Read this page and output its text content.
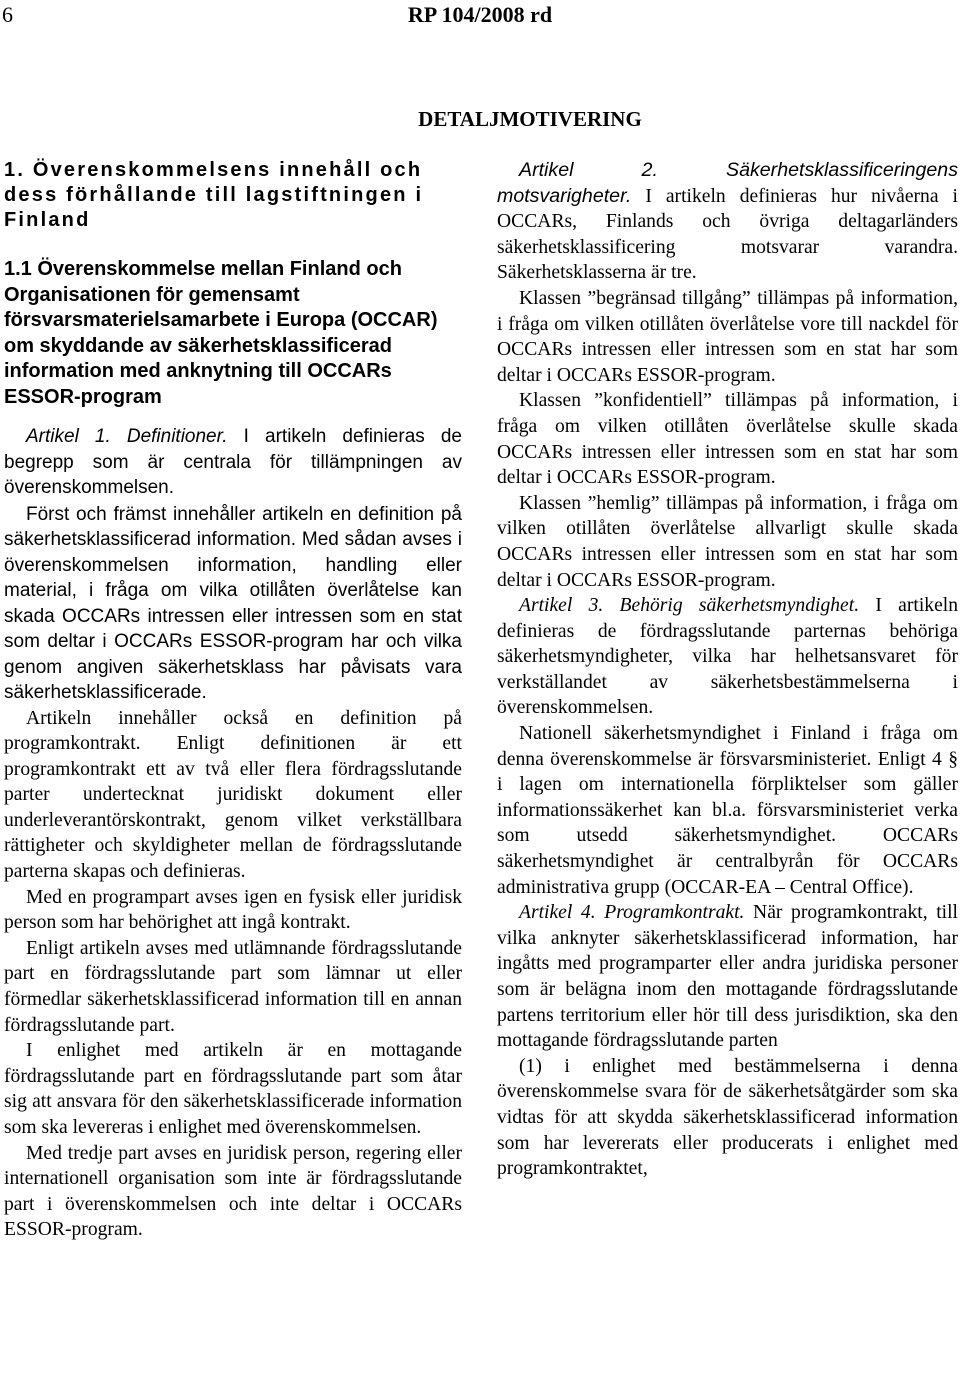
6	RP 104/2008 rd
DETALJMOTIVERING
1. Överenskommelsens innehåll och dess förhållande till lagstiftningen i Finland
1.1 Överenskommelse mellan Finland och Organisationen för gemensamt försvarsmaterielsamarbete i Europa (OCCAR) om skyddande av säkerhetsklassificerad information med anknytning till OCCARs ESSOR-program

Artikel 1. Definitioner. I artikeln definieras de begrepp som är centrala för tillämpningen av överenskommelsen.

Först och främst innehåller artikeln en definition på säkerhetsklassificerad information. Med sådan avses i överenskommelsen information, handling eller material, i fråga om vilka otillåten överlåtelse kan skada OCCARs intressen eller intressen som en stat som deltar i OCCARs ESSOR-program har och vilka genom angiven säkerhetsklass har påvisats vara säkerhetsklassificerade.

Artikeln innehåller också en definition på programkontrakt. Enligt definitionen är ett programkontrakt ett av två eller flera fördragsslutande parter undertecknat juridiskt dokument eller underleverantörskontrakt, genom vilket verkställbara rättigheter och skyldigheter mellan de fördragsslutande parterna skapas och definieras.

Med en programpart avses igen en fysisk eller juridisk person som har behörighet att ingå kontrakt.

Enligt artikeln avses med utlämnande fördragsslutande part en fördragsslutande part som lämnar ut eller förmedlar säkerhetsklassificerad information till en annan fördragsslutande part.

I enlighet med artikeln är en mottagande fördragsslutande part en fördragsslutande part som åtar sig att ansvara för den säkerhetsklassificerade information som ska levereras i enlighet med överenskommelsen.

Med tredje part avses en juridisk person, regering eller internationell organisation som inte är fördragsslutande part i överenskommelsen och inte deltar i OCCARs ESSOR-program.

Artikel 2. Säkerhetsklassificeringens motsvarigheter. I artikeln definieras hur nivåerna i OCCARs, Finlands och övriga deltagarländers säkerhetsklassificering motsvarar varandra. Säkerhetsklasserna är tre.

Klassen ”begränsad tillgång” tillämpas på information, i fråga om vilken otillåten överlåtelse vore till nackdel för OCCARs intressen eller intressen som en stat har som deltar i OCCARs ESSOR-program.

Klassen ”konfidentiell” tillämpas på information, i fråga om vilken otillåten överlåtelse skulle skada OCCARs intressen eller intressen som en stat har som deltar i OCCARs ESSOR-program.

Klassen ”hemlig” tillämpas på information, i fråga om vilken otillåten överlåtelse allvarligt skulle skada OCCARs intressen eller intressen som en stat har som deltar i OCCARs ESSOR-program.

Artikel 3. Behörig säkerhetsmyndighet. I artikeln definieras de fördragsslutande parternas behöriga säkerhetsmyndigheter, vilka har helhetsansvaret för verkställandet av säkerhetsbestämmelserna i överenskommelsen.

Nationell säkerhetsmyndighet i Finland i fråga om denna överenskommelse är försvarsministeriet. Enligt 4 § i lagen om internationella förpliktelser som gäller informationssäkerhet kan bl.a. försvarsministeriet verka som utsedd säkerhetsmyndighet. OCCARs säkerhetsmyndighet är centralbyrån för OCCARs administrativa grupp (OCCAR-EA – Central Office).

Artikel 4. Programkontrakt. När programkontrakt, till vilka anknyter säkerhetsklassificerad information, har ingåtts med programparter eller andra juridiska personer som är belägna inom den mottagande fördragsslutande partens territorium eller hör till dess jurisdiktion, ska den mottagande fördragsslutande parten

(1) i enlighet med bestämmelserna i denna överenskommelse svara för de säkerhetsåtgärder som ska vidtas för att skydda säkerhetsklassificerad information som har levererats eller producerats i enlighet med programkontraktet,
